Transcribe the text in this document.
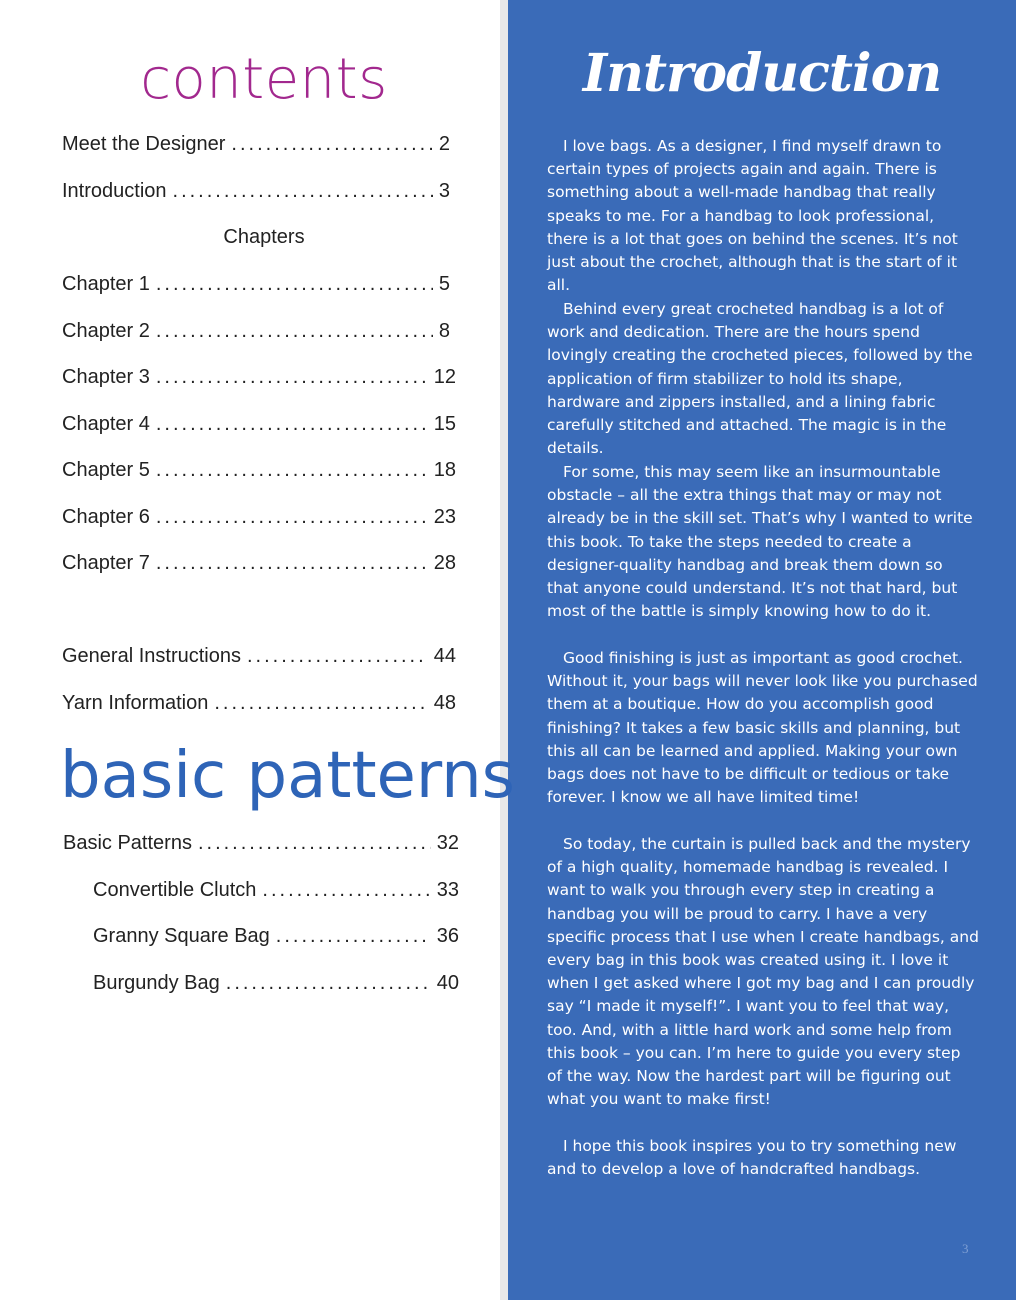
contents
Meet the Designer .....	2
Introduction .....	3
Chapters
Chapter 1 .....	5
Chapter 2 .....	8
Chapter 3 .....	12
Chapter 4 .....	15
Chapter 5 .....	18
Chapter 6 .....	23
Chapter 7 .....	28
General Instructions .....	44
Yarn Information .....	48
basic patterns
Basic Patterns .....	32
Convertible Clutch .....	33
Granny Square Bag .....	36
Burgundy Bag .....	40
Introduction

I love bags. As a designer, I find myself drawn to certain types of projects again and again. There is something about a well-made handbag that really speaks to me. For a handbag to look professional, there is a lot that goes on behind the scenes. It’s not just about the crochet, although that is the start of it all.

Behind every great crocheted handbag is a lot of work and dedication. There are the hours spend lovingly creating the crocheted pieces, followed by the application of firm stabilizer to hold its shape, hardware and zippers installed, and a lining fabric carefully stitched and attached. The magic is in the details.

For some, this may seem like an insurmountable obstacle – all the extra things that may or may not already be in the skill set. That’s why I wanted to write this book. To take the steps needed to create a designer-quality handbag and break them down so that anyone could understand. It’s not that hard, but most of the battle is simply knowing how to do it.

Good finishing is just as important as good crochet. Without it, your bags will never look like you purchased them at a boutique. How do you accomplish good finishing? It takes a few basic skills and planning, but this all can be learned and applied. Making your own bags does not have to be difficult or tedious or take forever. I know we all have limited time!

So today, the curtain is pulled back and the mystery of a high quality, homemade handbag is revealed. I want to walk you through every step in creating a handbag you will be proud to carry. I have a very specific process that I use when I create handbags, and every bag in this book was created using it. I love it when I get asked where I got my bag and I can proudly say “I made it myself!”. I want you to feel that way, too. And, with a little hard work and some help from this book – you can. I’m here to guide you every step of the way. Now the hardest part will be figuring out what you want to make first!

I hope this book inspires you to try something new and to develop a love of handcrafted handbags.

3
